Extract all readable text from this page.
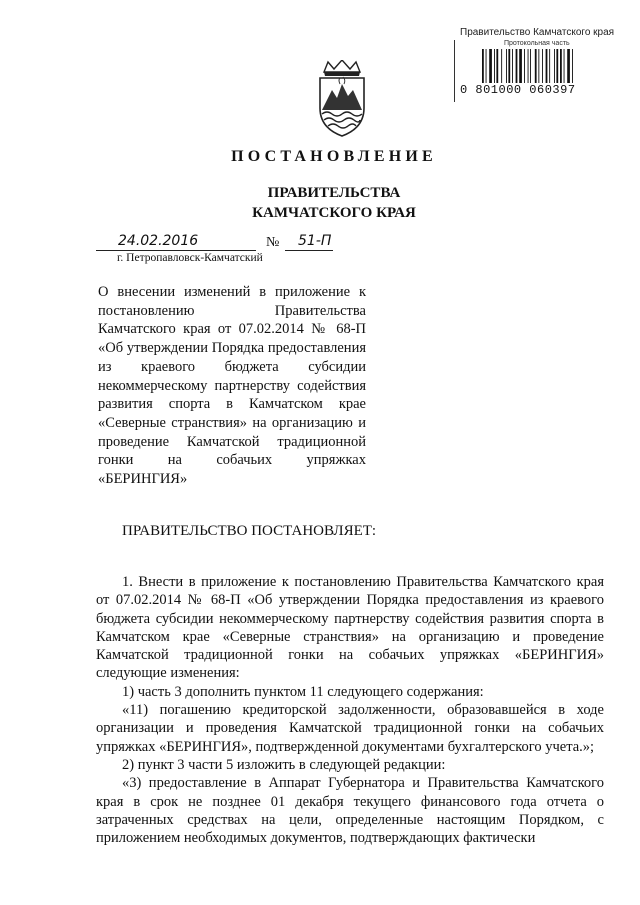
Правительство Камчатского края
Протокольная часть
0 801000 060397
ПОСТАНОВЛЕНИЕ
ПРАВИТЕЛЬСТВА
КАМЧАТСКОГО КРАЯ
24.02.2016	№ 51-П
г. Петропавловск-Камчатский
О внесении изменений в приложение к постановлению Правительства Камчатского края от 07.02.2014 № 68-П «Об утверждении Порядка предоставления из краевого бюджета субсидии некоммерческому партнерству содействия развития спорта в Камчатском крае «Северные странствия» на организацию и проведение Камчатской традиционной гонки на собачьих упряжках «БЕРИНГИЯ»
ПРАВИТЕЛЬСТВО ПОСТАНОВЛЯЕТ:

1. Внести в приложение к постановлению Правительства Камчатского края от 07.02.2014 № 68-П «Об утверждении Порядка предоставления из краевого бюджета субсидии некоммерческому партнерству содействия развития спорта в Камчатском крае «Северные странствия» на организацию и проведение Камчатской традиционной гонки на собачьих упряжках «БЕРИНГИЯ» следующие изменения:

1) часть 3 дополнить пунктом 11 следующего содержания:

«11) погашению кредиторской задолженности, образовавшейся в ходе организации и проведения Камчатской традиционной гонки на собачьих упряжках «БЕРИНГИЯ», подтвержденной документами бухгалтерского учета.»;

2) пункт 3 части 5 изложить в следующей редакции:

«3) предоставление в Аппарат Губернатора и Правительства Камчатского края в срок не позднее 01 декабря текущего финансового года отчета о затраченных средствах на цели, определенные настоящим Порядком, с приложением необходимых документов, подтверждающих фактически
